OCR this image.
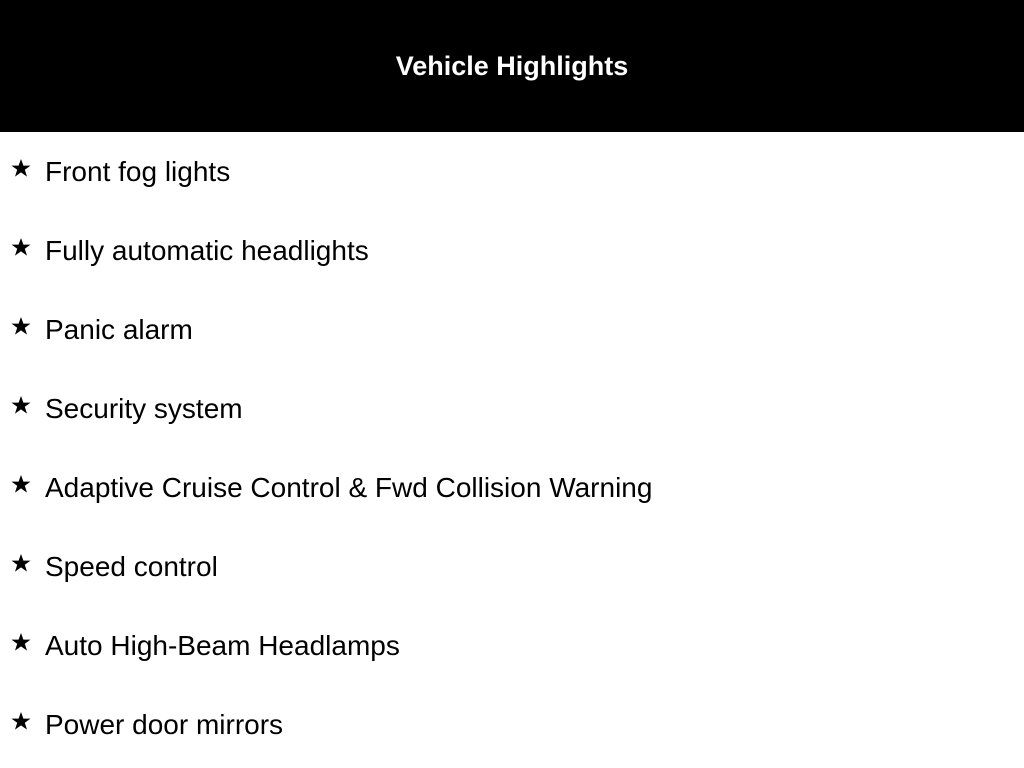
Vehicle Highlights
Front fog lights
Fully automatic headlights
Panic alarm
Security system
Adaptive Cruise Control & Fwd Collision Warning
Speed control
Auto High-Beam Headlamps
Power door mirrors
